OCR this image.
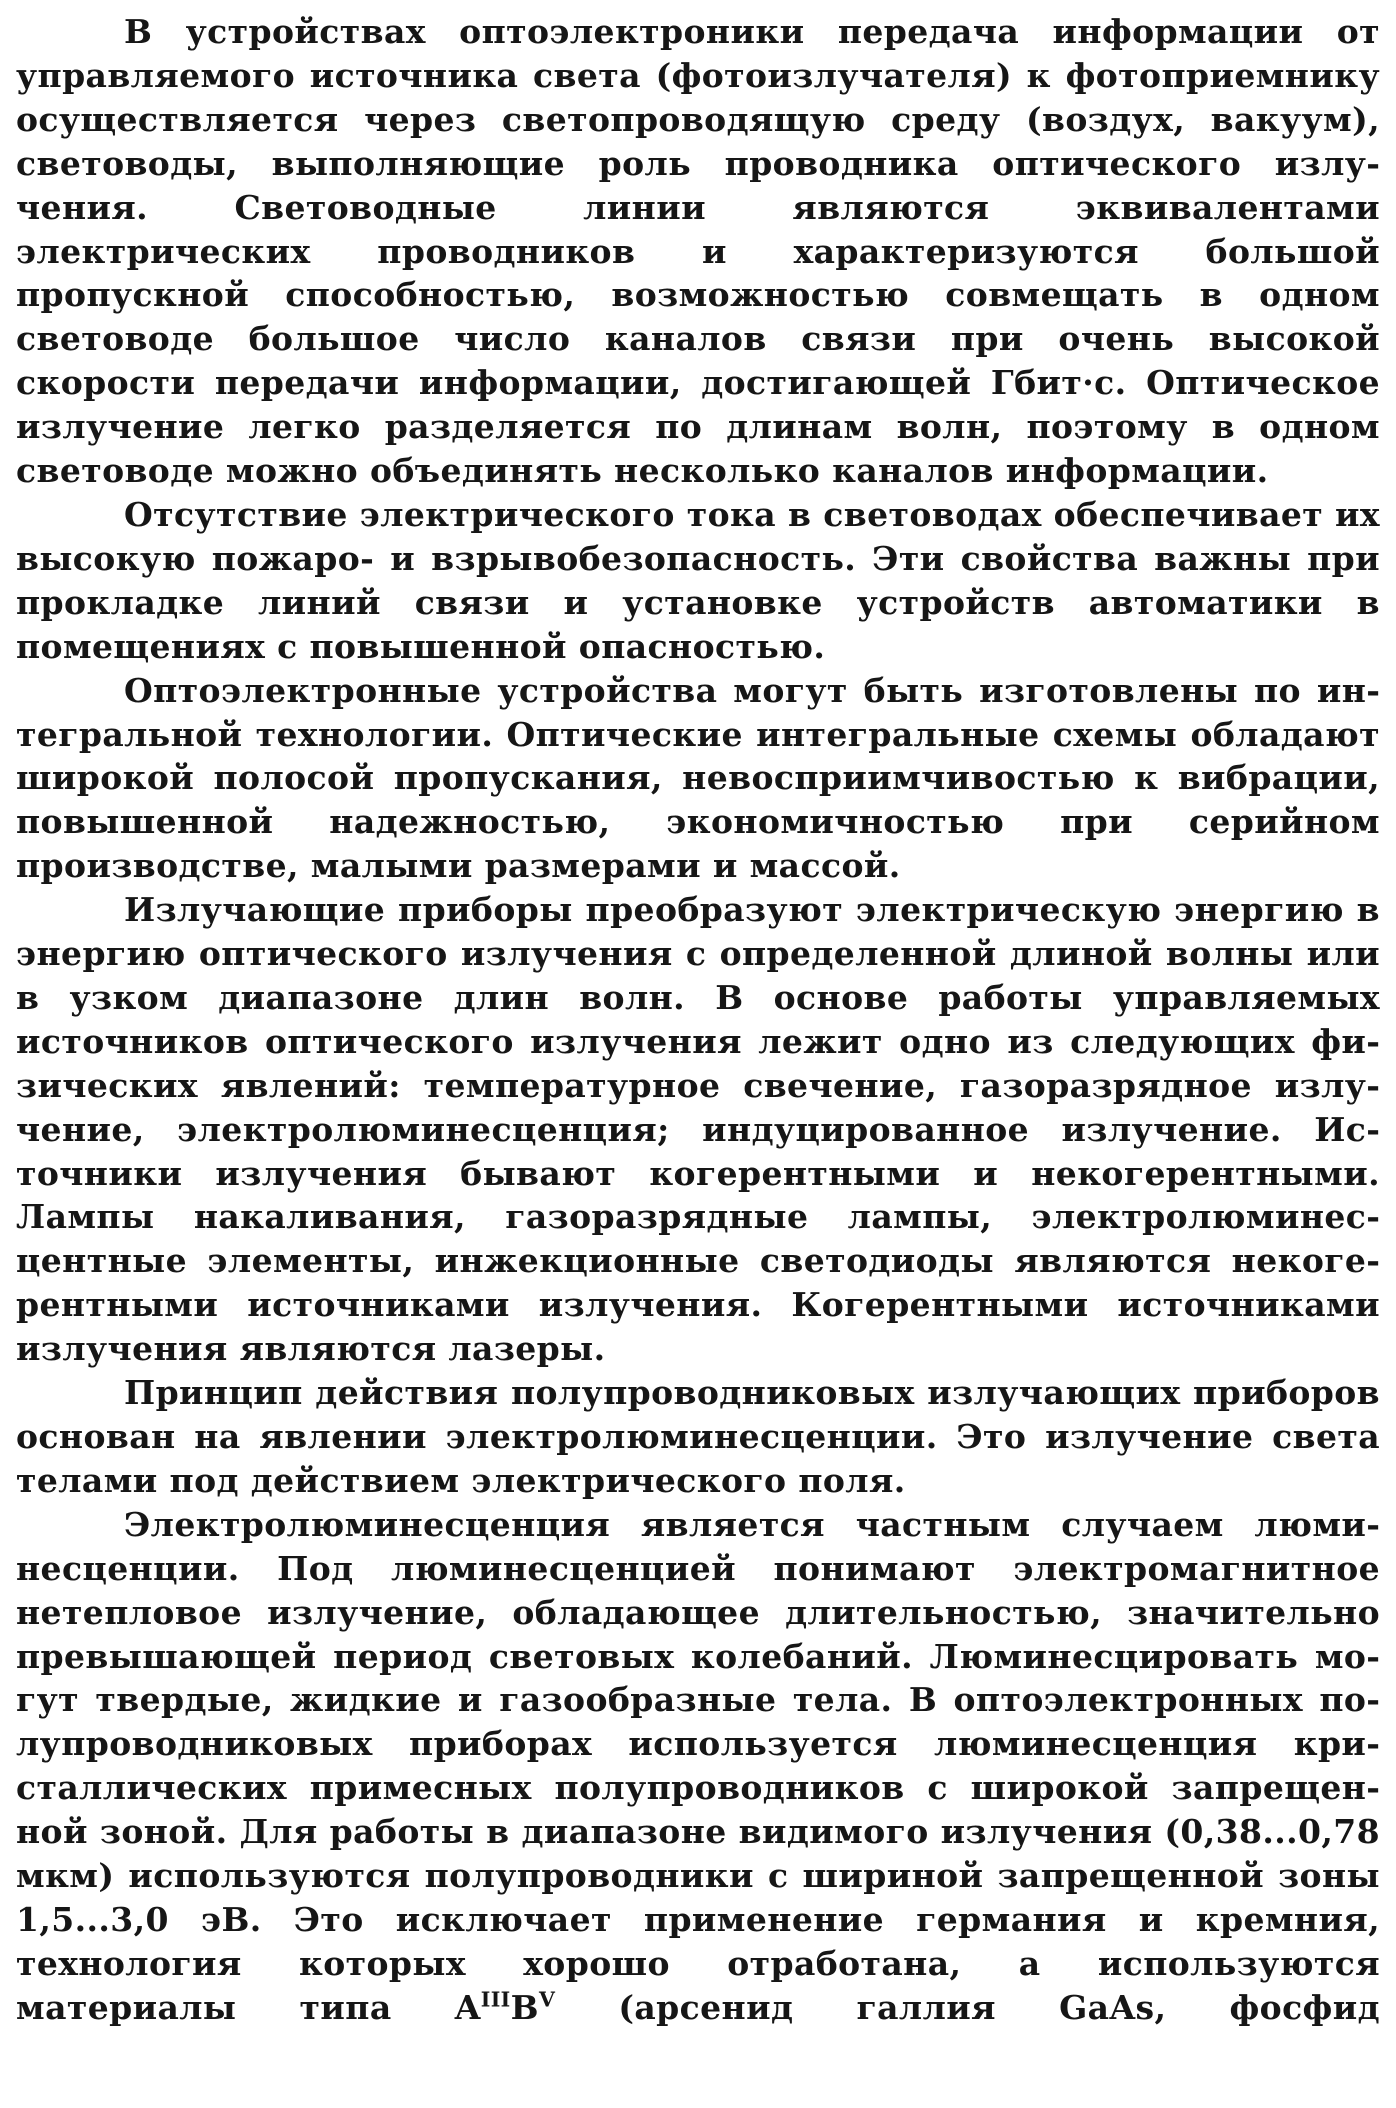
В устройствах оптоэлектроники передача информации от управляемого источника света (фотоизлучателя) к фотоприемнику осуществляется через светопроводящую среду (воздух, вакуум), световоды, выполняющие роль проводника оптического излучения. Световодные линии являются эквивалентами электрических проводников и характеризуются большой пропускной способностью, возможностью совмещать в одном световоде большое число каналов связи при очень высокой скорости передачи информации, достигающей Гбит·с. Оптическое излучение легко разделяется по длинам волн, поэтому в одном световоде можно объединять несколько каналов информации.

Отсутствие электрического тока в световодах обеспечивает их высокую пожаро- и взрывобезопасность. Эти свойства важны при прокладке линий связи и установке устройств автоматики в помещениях с повышенной опасностью.

Оптоэлектронные устройства могут быть изготовлены по интегральной технологии. Оптические интегральные схемы обладают широкой полосой пропускания, невосприимчивостью к вибрации, повышенной надежностью, экономичностью при серийном производстве, малыми размерами и массой.

Излучающие приборы преобразуют электрическую энергию в энергию оптического излучения с определенной длиной волны или в узком диапазоне длин волн. В основе работы управляемых источников оптического излучения лежит одно из следующих физических явлений: температурное свечение, газоразрядное излучение, электролюминесценция; индуцированное излучение. Источники излучения бывают когерентными и некогерентными. Лампы накаливания, газоразрядные лампы, электролюминесцентные элементы, инжекционные светодиоды являются некогерентными источниками излучения. Когерентными источниками излучения являются лазеры.

Принцип действия полупроводниковых излучающих приборов основан на явлении электролюминесценции. Это излучение света телами под действием электрического поля.

Электролюминесценция является частным случаем люминесценции. Под люминесценцией понимают электромагнитное нетепловое излучение, обладающее длительностью, значительно превышающей период световых колебаний. Люминесцировать могут твердые, жидкие и газообразные тела. В оптоэлектронных полупроводниковых приборах используется люминесценция кристаллических примесных полупроводников с широкой запрещенной зоной. Для работы в диапазоне видимого излучения (0,38...0,78 мкм) используются полупроводники с шириной запрещенной зоны 1,5...3,0 эВ. Это исключает применение германия и кремния, технология которых хорошо отработана, а используются материалы типа $A^{III}B^V$ (арсенид галлия GaAs, фосфид
